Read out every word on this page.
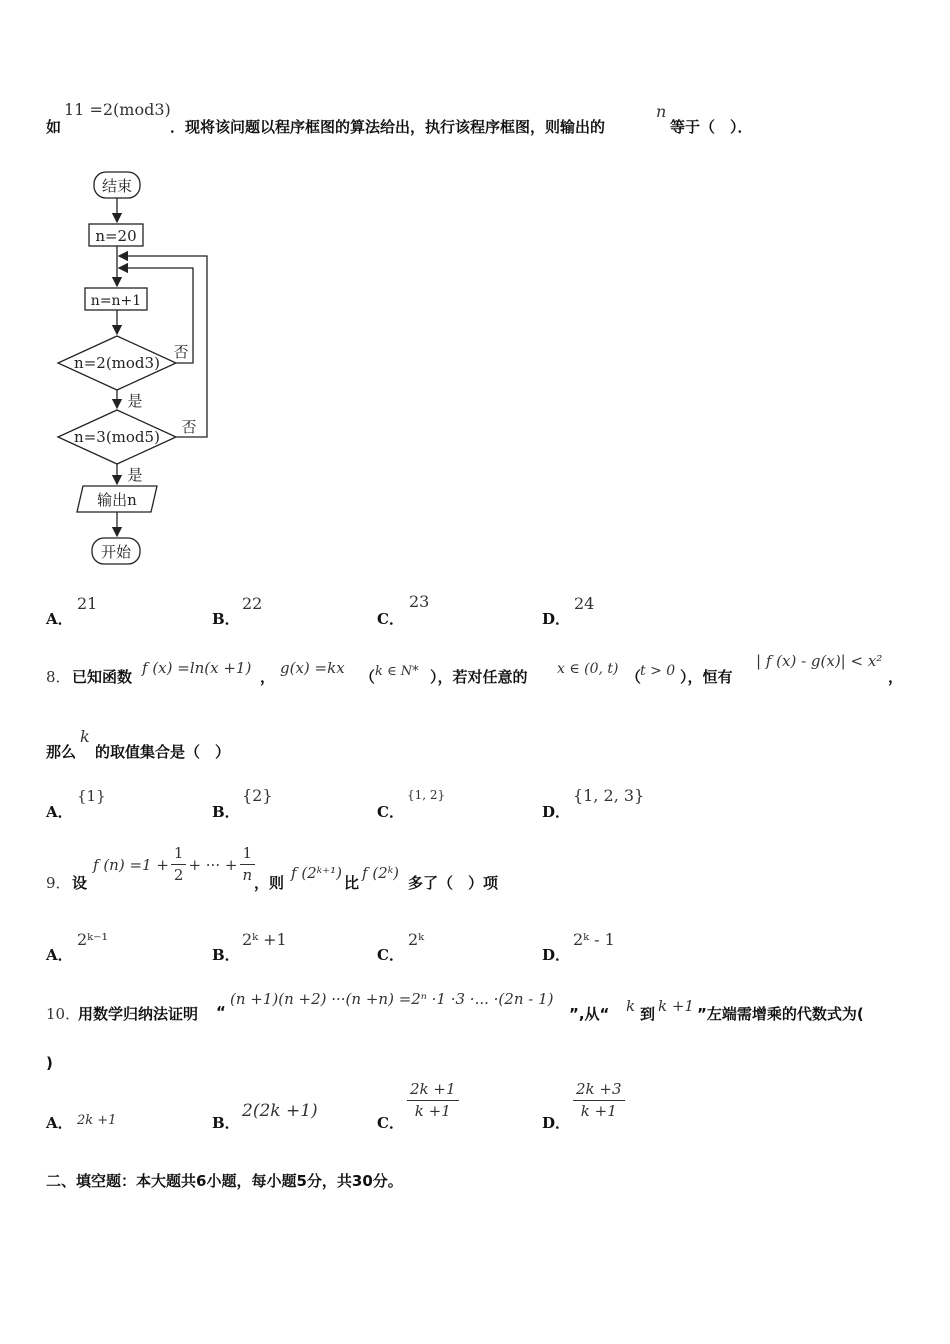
如
11 =2(mod3)
．现将该问题以程序框图的算法给出，执行该程序框图，则输出的
n
等于（　）．
结束
n=20
n=n+1
n=2(mod3)
n=3(mod5)
输出n
开始
否
是
否
是
A．
21
B．
22
C．
23
D．
24
8． 已知函数 f (x) =ln(x +1) ， g(x) =kx （ k ∈ N* ），若对任意的 x ∈ (0, t) （
t > 0 ），恒有
| f (x) - g(x)| < x²
，
那么
k
的取值集合是（　）
A．
{1}
B．
{2}
C．
{1, 2}
D．
{1, 2, 3}
9． 设
f $(n) =1 + \frac{1}{2}$ + ··· + $\frac{1}{n}$
，则
f (2ᵏ⁺¹)
比
f (2ᵏ)
多了（　）项
A．
2ᵏ⁻¹
B．
2ᵏ +1
C．
2ᵏ
D．
2ᵏ - 1
10．
用数学归纳法证明 “
(n +1)(n +2) ···(n +n) =2ⁿ ·1 ·3 ·... ·(2n - 1)
”,从“ k 到 k +1 ”左端需增乘的代数式为(
)
A． 2k +1	B．
2(2k +1)
C．
$\frac{2k +1}{k +1}$
D．
$\frac{2k +3}{k +1}$
二、填空题：本大题共6小题，每小题5分，共30分。
